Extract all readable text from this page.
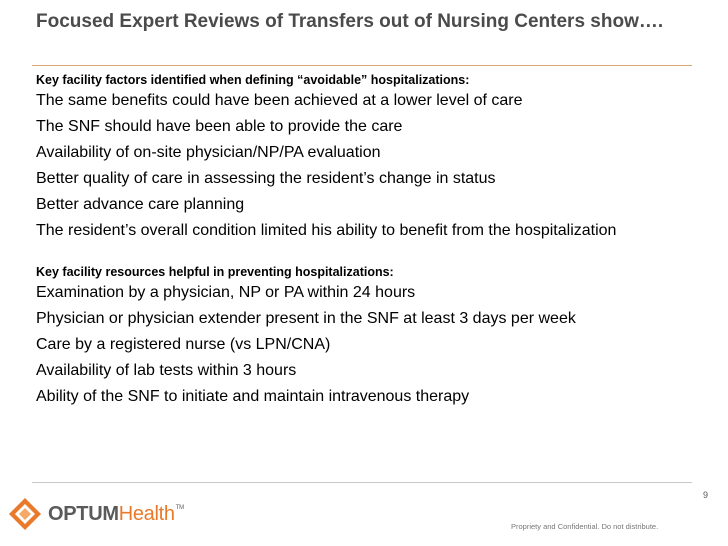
Focused Expert Reviews of Transfers out of Nursing Centers show….
Key facility factors identified when defining “avoidable” hospitalizations:
The same benefits could have been achieved at a lower level of care
The SNF should have been able to provide the care
Availability of on-site physician/NP/PA evaluation
Better quality of care in assessing the resident’s change in status
Better advance care planning
The resident’s overall condition limited his ability to benefit from the hospitalization
Key facility resources helpful in preventing hospitalizations:
Examination by a physician, NP or PA within 24 hours
Physician or physician extender present in the SNF at least 3 days per week
Care by a registered nurse (vs LPN/CNA)
Availability of lab tests within 3 hours
Ability of the SNF to initiate and maintain intravenous therapy
9
Propriety and Confidential. Do not distribute.
OPTUM Health TM
